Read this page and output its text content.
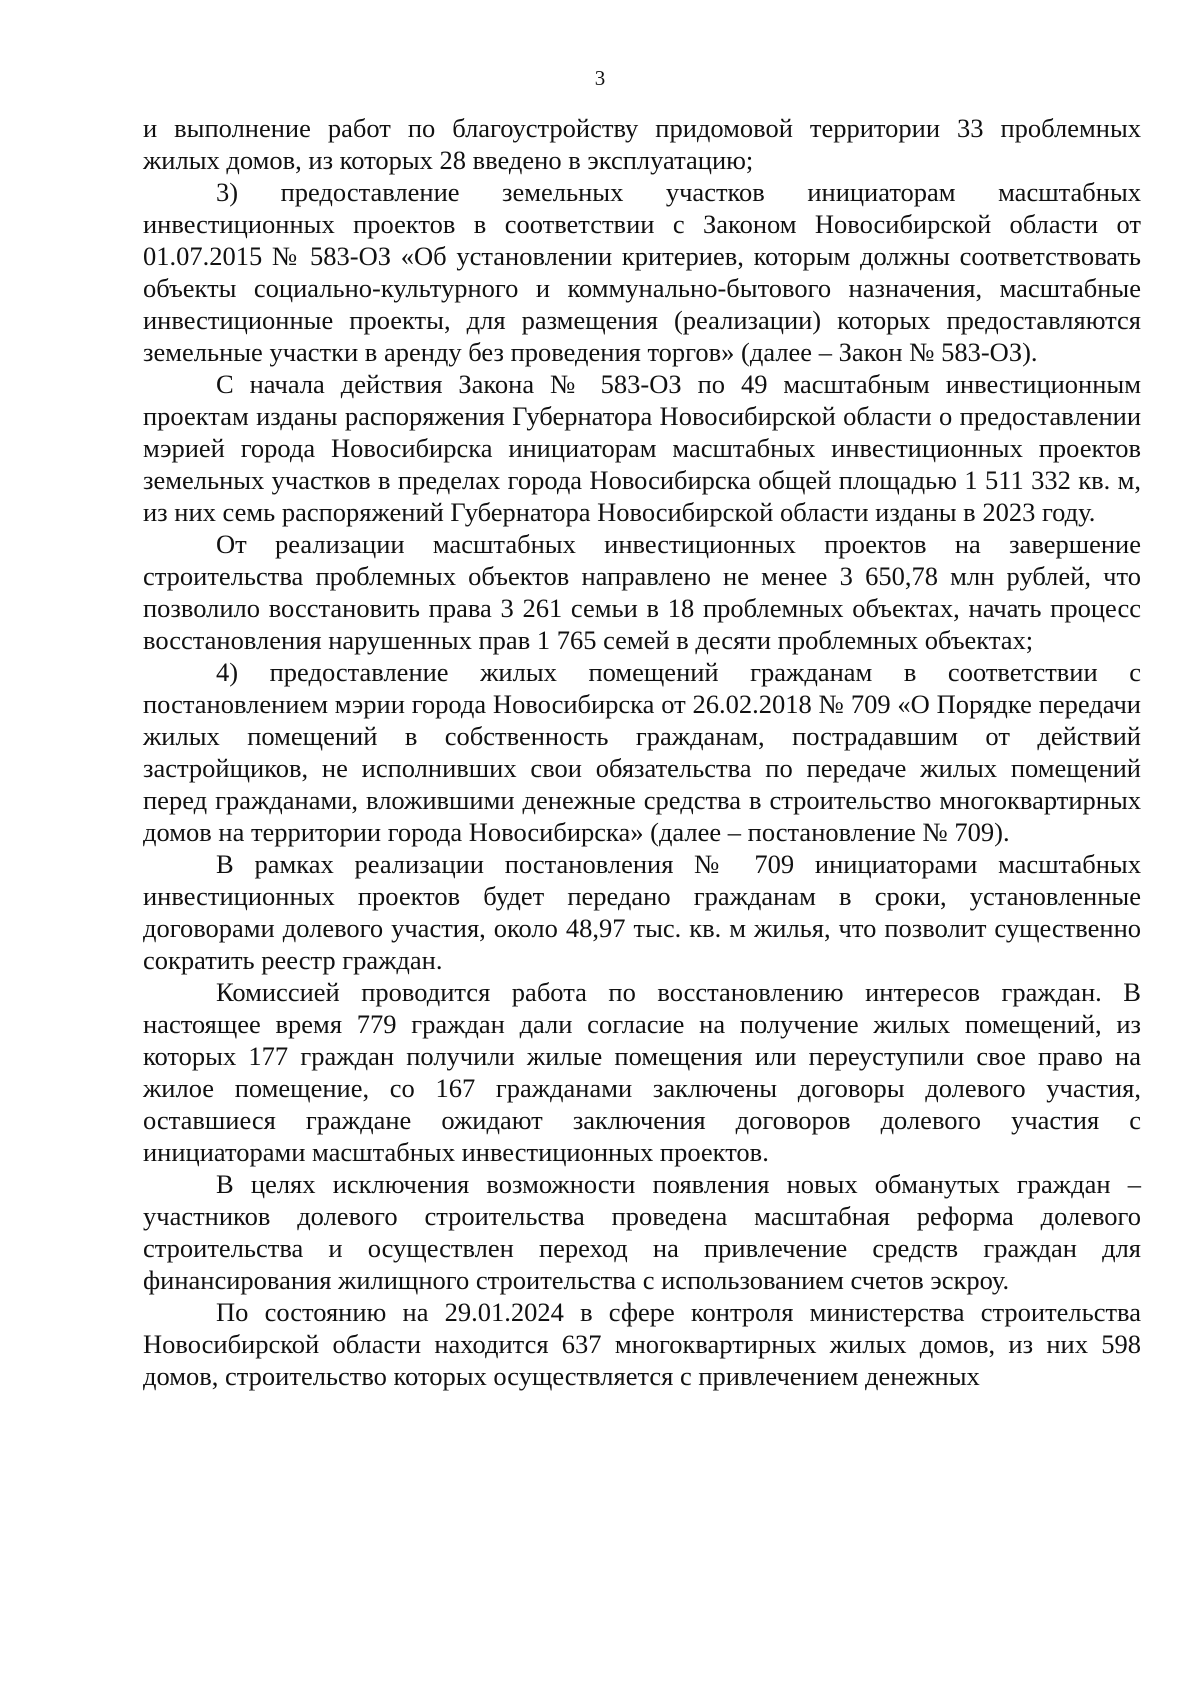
3

и выполнение работ по благоустройству придомовой территории 33 проблемных жилых домов, из которых 28 введено в эксплуатацию;

3) предоставление земельных участков инициаторам масштабных инвестиционных проектов в соответствии с Законом Новосибирской области от 01.07.2015 № 583-ОЗ «Об установлении критериев, которым должны соответствовать объекты социально-культурного и коммунально-бытового назначения, масштабные инвестиционные проекты, для размещения (реализации) которых предоставляются земельные участки в аренду без проведения торгов» (далее – Закон № 583-ОЗ).

С начала действия Закона № 583-ОЗ по 49 масштабным инвестиционным проектам изданы распоряжения Губернатора Новосибирской области о предоставлении мэрией города Новосибирска инициаторам масштабных инвестиционных проектов земельных участков в пределах города Новосибирска общей площадью 1 511 332 кв. м, из них семь распоряжений Губернатора Новосибирской области изданы в 2023 году.

От реализации масштабных инвестиционных проектов на завершение строительства проблемных объектов направлено не менее 3 650,78 млн рублей, что позволило восстановить права 3 261 семьи в 18 проблемных объектах, начать процесс восстановления нарушенных прав 1 765 семей в десяти проблемных объектах;

4) предоставление жилых помещений гражданам в соответствии с постановлением мэрии города Новосибирска от 26.02.2018 № 709 «О Порядке передачи жилых помещений в собственность гражданам, пострадавшим от действий застройщиков, не исполнивших свои обязательства по передаче жилых помещений перед гражданами, вложившими денежные средства в строительство многоквартирных домов на территории города Новосибирска» (далее – постановление № 709).

В рамках реализации постановления № 709 инициаторами масштабных инвестиционных проектов будет передано гражданам в сроки, установленные договорами долевого участия, около 48,97 тыс. кв. м жилья, что позволит существенно сократить реестр граждан.

Комиссией проводится работа по восстановлению интересов граждан. В настоящее время 779 граждан дали согласие на получение жилых помещений, из которых 177 граждан получили жилые помещения или переуступили свое право на жилое помещение, со 167 гражданами заключены договоры долевого участия, оставшиеся граждане ожидают заключения договоров долевого участия с инициаторами масштабных инвестиционных проектов.

В целях исключения возможности появления новых обманутых граждан – участников долевого строительства проведена масштабная реформа долевого строительства и осуществлен переход на привлечение средств граждан для финансирования жилищного строительства с использованием счетов эскроу.

По состоянию на 29.01.2024 в сфере контроля министерства строительства Новосибирской области находится 637 многоквартирных жилых домов, из них 598 домов, строительство которых осуществляется с привлечением денежных
